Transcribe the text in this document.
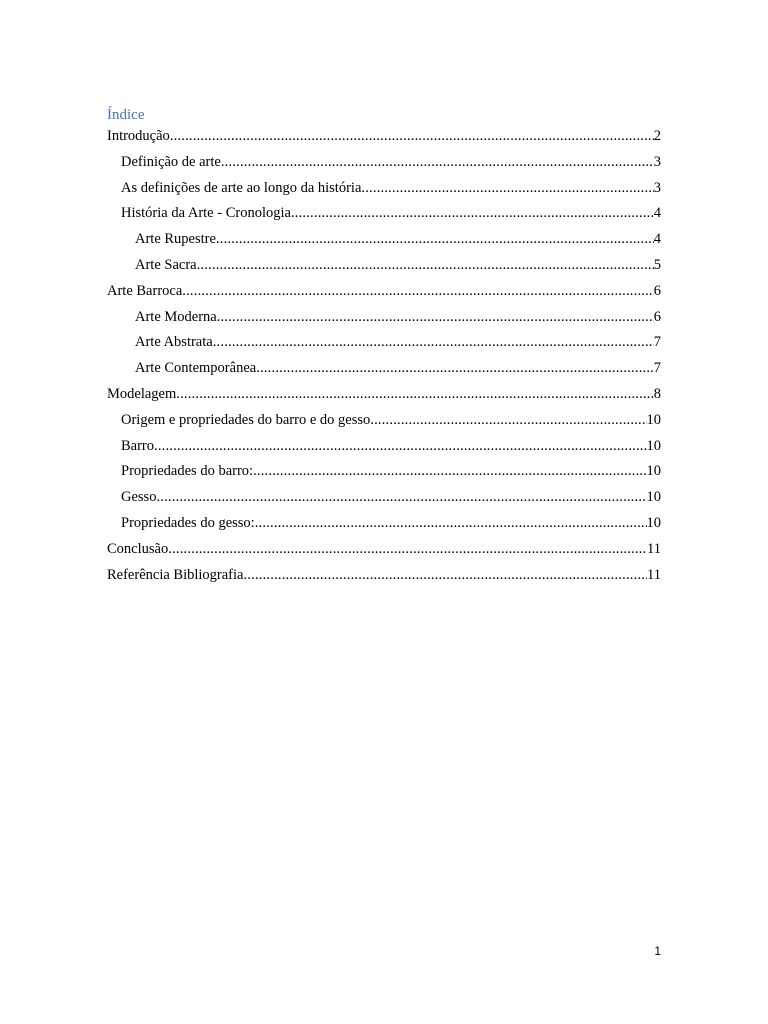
Índice
Introdução .....	2
Definição de arte .....	3
As definições de arte ao longo da história .....	3
História da Arte - Cronologia .....	4
Arte Rupestre .....	4
Arte Sacra .....	5
Arte Barroca .....	6
Arte Moderna .....	6
Arte Abstrata .....	7
Arte Contemporânea .....	7
Modelagem .....	8
Origem e propriedades do barro e do gesso .....	10
Barro .....	10
Propriedades do barro: .....	10
Gesso .....	10
Propriedades do gesso: .....	10
Conclusão .....	11
Referência Bibliografia .....	11
1
